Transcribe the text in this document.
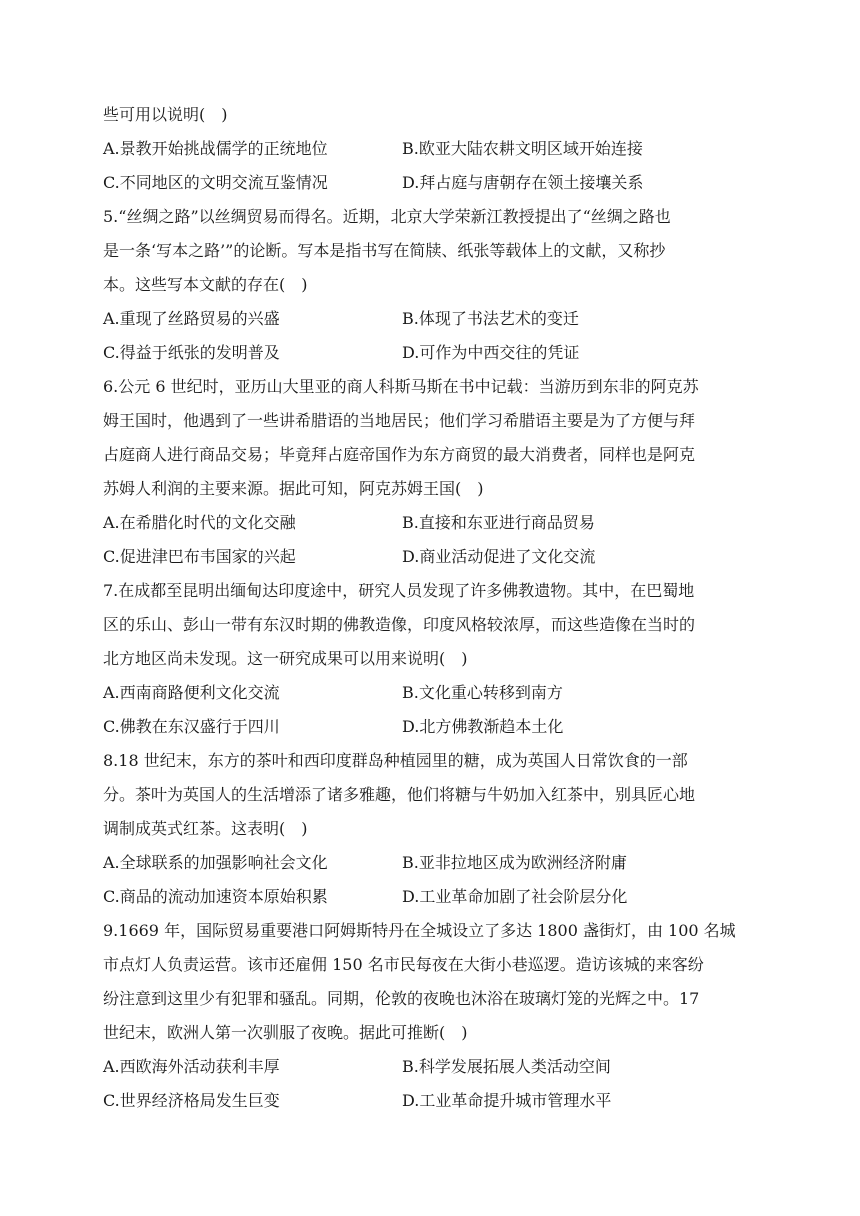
些可用以说明(　)
A.景教开始挑战儒学的正统地位	B.欧亚大陆农耕文明区域开始连接
C.不同地区的文明交流互鉴情况	D.拜占庭与唐朝存在领土接壤关系
5.“丝绸之路”以丝绸贸易而得名。近期，北京大学荣新江教授提出了“丝绸之路也
是一条‘写本之路’”的论断。写本是指书写在简牍、纸张等载体上的文献，又称抄
本。这些写本文献的存在(　)
A.重现了丝路贸易的兴盛	B.体现了书法艺术的变迁
C.得益于纸张的发明普及	D.可作为中西交往的凭证
6.公元 6 世纪时，亚历山大里亚的商人科斯马斯在书中记载：当游历到东非的阿克苏
姆王国时，他遇到了一些讲希腊语的当地居民；他们学习希腊语主要是为了方便与拜
占庭商人进行商品交易；毕竟拜占庭帝国作为东方商贸的最大消费者，同样也是阿克
苏姆人利润的主要来源。据此可知，阿克苏姆王国(　)
A.在希腊化时代的文化交融	B.直接和东亚进行商品贸易
C.促进津巴布韦国家的兴起	D.商业活动促进了文化交流
7.在成都至昆明出缅甸达印度途中，研究人员发现了许多佛教遗物。其中，在巴蜀地
区的乐山、彭山一带有东汉时期的佛教造像，印度风格较浓厚，而这些造像在当时的
北方地区尚未发现。这一研究成果可以用来说明(　)
A.西南商路便利文化交流	B.文化重心转移到南方
C.佛教在东汉盛行于四川	D.北方佛教渐趋本土化
8.18 世纪末，东方的茶叶和西印度群岛种植园里的糖，成为英国人日常饮食的一部
分。茶叶为英国人的生活增添了诸多雅趣，他们将糖与牛奶加入红茶中，别具匠心地
调制成英式红茶。这表明(　)
A.全球联系的加强影响社会文化	B.亚非拉地区成为欧洲经济附庸
C.商品的流动加速资本原始积累	D.工业革命加剧了社会阶层分化
9.1669 年，国际贸易重要港口阿姆斯特丹在全城设立了多达 1800 盏街灯，由 100 名城
市点灯人负责运营。该市还雇佣 150 名市民每夜在大街小巷巡逻。造访该城的来客纷
纷注意到这里少有犯罪和骚乱。同期，伦敦的夜晚也沐浴在玻璃灯笼的光辉之中。17
世纪末，欧洲人第一次驯服了夜晚。据此可推断(　)
A.西欧海外活动获利丰厚	B.科学发展拓展人类活动空间
C.世界经济格局发生巨变	D.工业革命提升城市管理水平
